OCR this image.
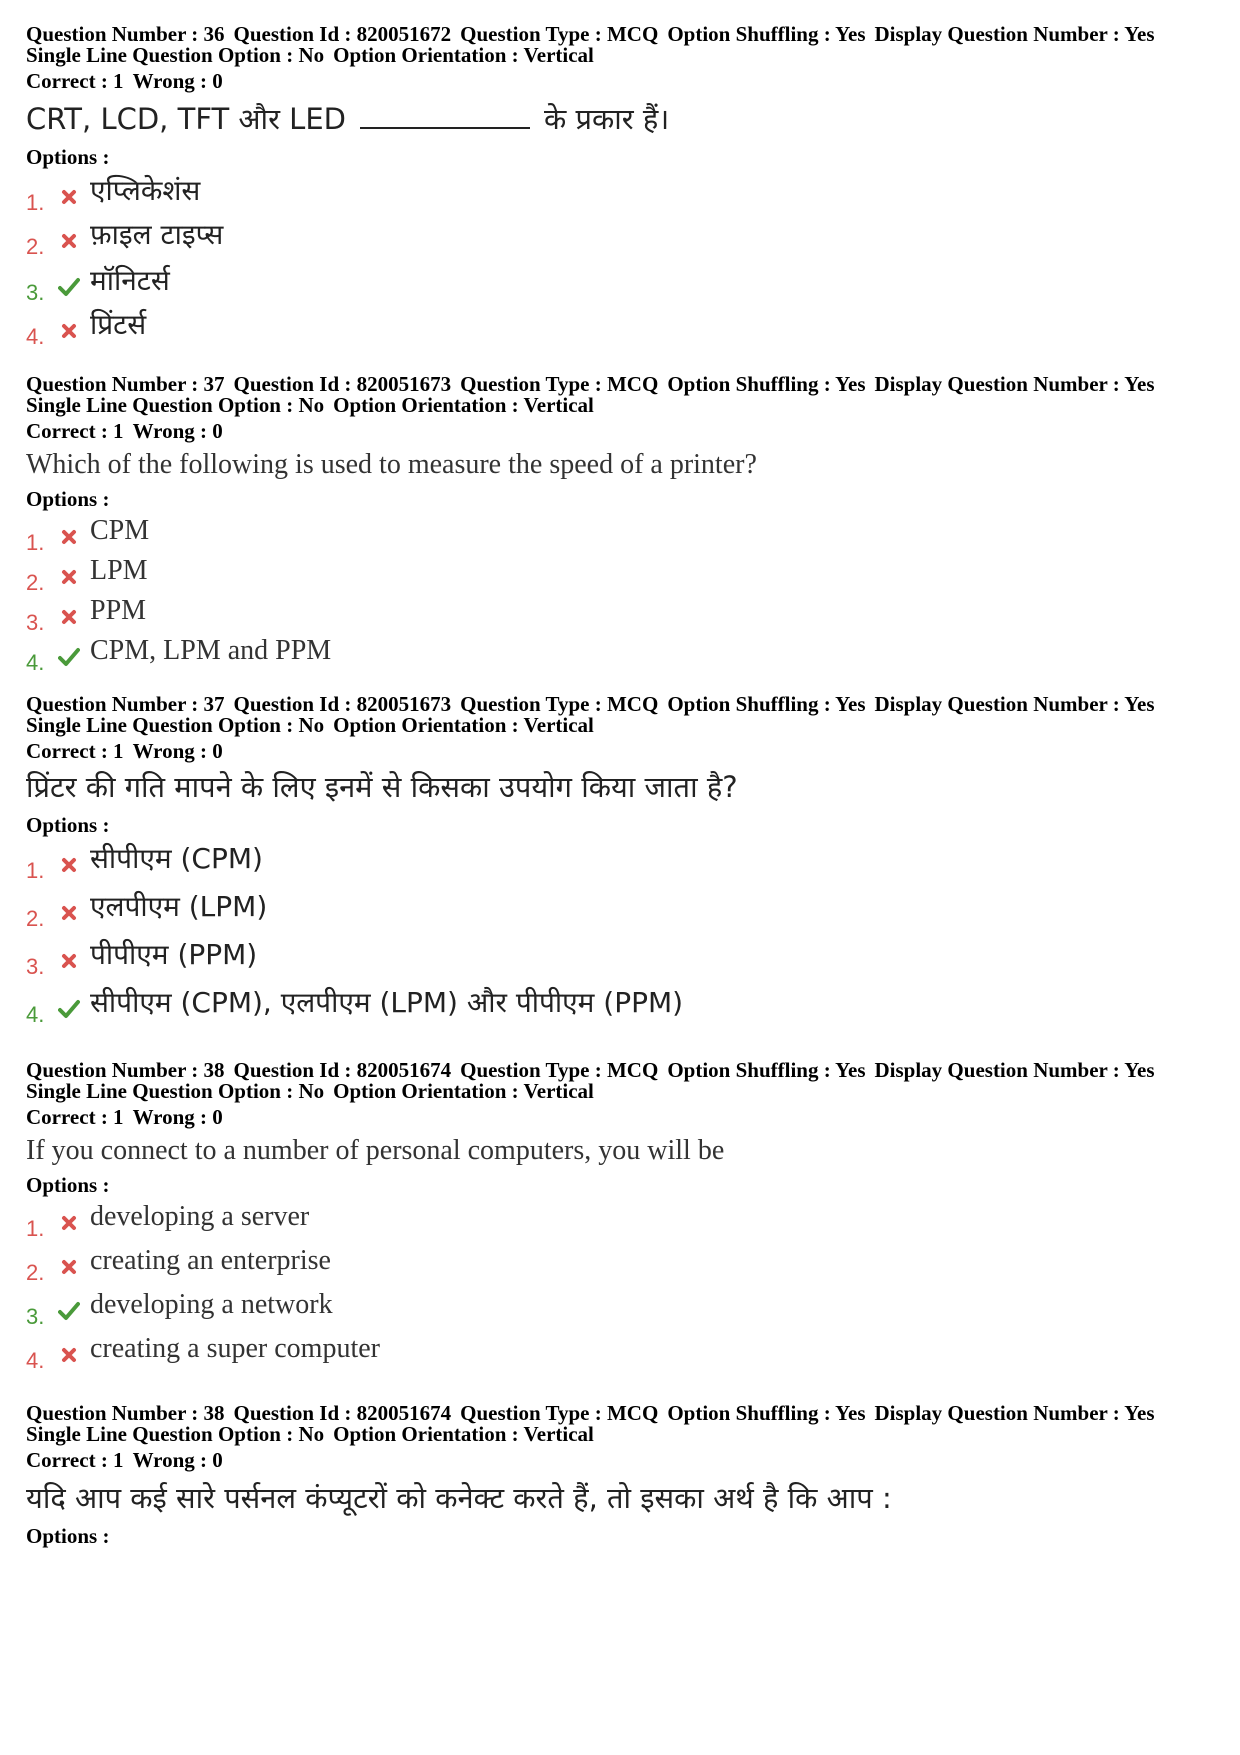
Question Number : 36 Question Id : 820051672 Question Type : MCQ Option Shuffling : Yes Display Question Number : Yes
Single Line Question Option : No Option Orientation : Vertical
Correct : 1 Wrong : 0
CRT, LCD, TFT और LED	के प्रकार हैं।
Options :
1.	एप्लिकेशंस
2.	फ़ाइल टाइप्स
3.	मॉनिटर्स
4.	प्रिंटर्स
Question Number : 37 Question Id : 820051673 Question Type : MCQ Option Shuffling : Yes Display Question Number : Yes
Single Line Question Option : No Option Orientation : Vertical
Correct : 1 Wrong : 0
Which of the following is used to measure the speed of a printer?
Options :
1.	CPM
2.	LPM
3.	PPM
4.	CPM, LPM and PPM
Question Number : 37 Question Id : 820051673 Question Type : MCQ Option Shuffling : Yes Display Question Number : Yes
Single Line Question Option : No Option Orientation : Vertical
Correct : 1 Wrong : 0
प्रिंटर की गति मापने के लिए इनमें से किसका उपयोग किया जाता है?
Options :
1.	सीपीएम (CPM)
2.	एलपीएम (LPM)
3.	पीपीएम (PPM)
4.	सीपीएम (CPM), एलपीएम (LPM) और पीपीएम (PPM)
Question Number : 38 Question Id : 820051674 Question Type : MCQ Option Shuffling : Yes Display Question Number : Yes
Single Line Question Option : No Option Orientation : Vertical
Correct : 1 Wrong : 0
If you connect to a number of personal computers, you will be
Options :
1.	developing a server
2.	creating an enterprise
3.	developing a network
4.	creating a super computer
Question Number : 38 Question Id : 820051674 Question Type : MCQ Option Shuffling : Yes Display Question Number : Yes
Single Line Question Option : No Option Orientation : Vertical
Correct : 1 Wrong : 0
यदि आप कई सारे पर्सनल कंप्यूटरों को कनेक्ट करते हैं, तो इसका अर्थ है कि आप :
Options :
